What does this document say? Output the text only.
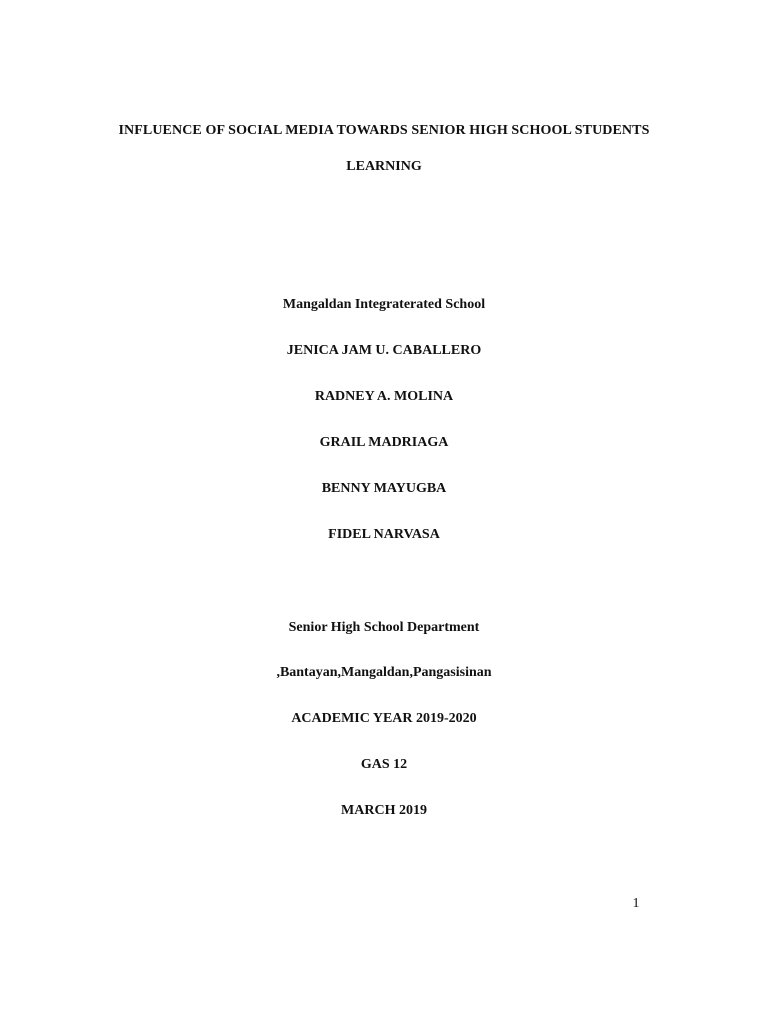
INFLUENCE OF SOCIAL MEDIA TOWARDS SENIOR HIGH SCHOOL STUDENTS
LEARNING
Mangaldan Integraterated School
JENICA JAM U. CABALLERO
RADNEY A. MOLINA
GRAIL MADRIAGA
BENNY MAYUGBA
FIDEL NARVASA
Senior High School Department
,Bantayan,Mangaldan,Pangasisinan
ACADEMIC YEAR 2019-2020
GAS 12
MARCH 2019
1
